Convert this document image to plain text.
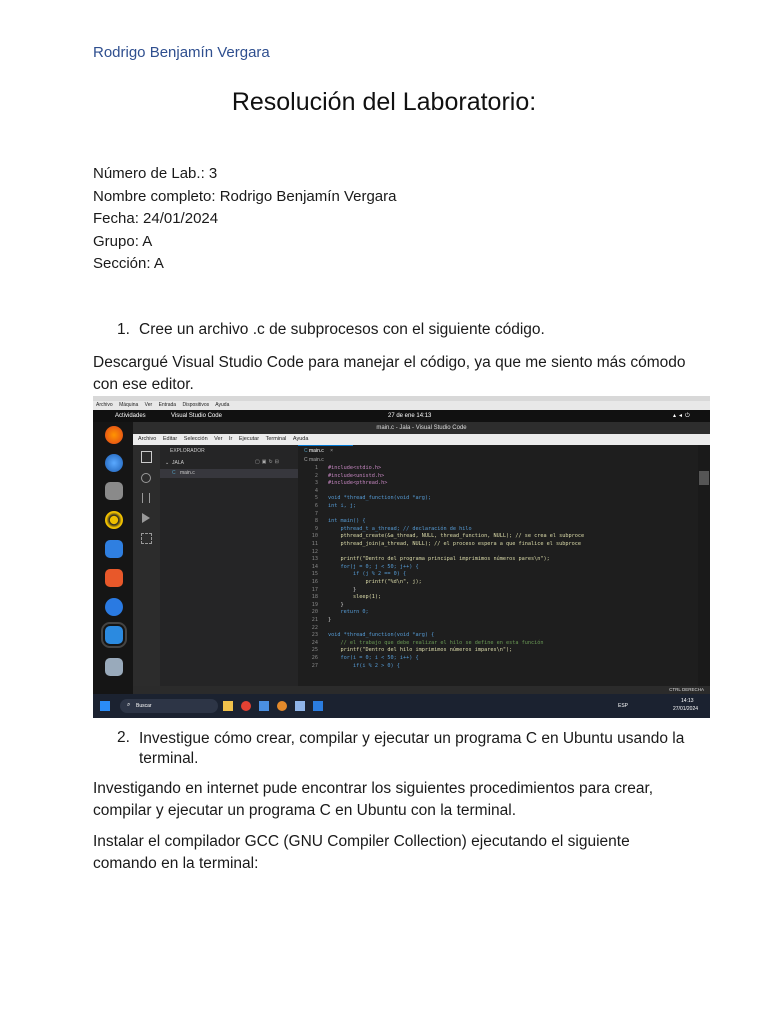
Rodrigo Benjamín Vergara
Resolución del Laboratorio:
Número de Lab.: 3
Nombre completo: Rodrigo Benjamín Vergara
Fecha: 24/01/2024
Grupo: A
Sección: A
1. Cree un archivo .c de subprocesos con el siguiente código.
Descargué Visual Studio Code para manejar el código, ya que me siento más cómodo con ese editor.
Archivo Máquina Ver Entrada Dispositivos Ayuda
Actividades	Visual Studio Code	27 de ene 14:13	▴◂⏻
main.c - Jala - Visual Studio Code
Archivo Editar Selección Ver Ir Ejecutar Terminal Ayuda
EXPLORADOR
⌄ JALA	▢▣↻⊟
C main.c
C main.c ×
C main.c
1 #include<stdio.h>
2 #include<unistd.h>
3 #include<pthread.h>
4
5 void *thread_function(void *arg);
6 int i, j;
7
8 int main() {
9    pthread_t a_thread; // declaración de hilo
10    pthread_create(&a_thread, NULL, thread_function, NULL); // se crea el subproce
11    pthread_join(a_thread, NULL); // el proceso espera a que finalice el subproce
12
13    printf("Dentro del programa principal imprimimos números pares\n");
14    for(j = 0; j < 50; j++) {
15        if (j % 2 == 0) {
16            printf("%d\n", j);
17        }
18        sleep(1);
19    }
20    return 0;
21 }
22
23 void *thread_function(void *arg) {
24    // el trabajo que debe realizar el hilo se define en esta función
25    printf("Dentro del hilo imprimimos números impares\n");
26    for(i = 0; i < 50; i++) {
27        if(i % 2 > 0) {
CTRL DERECHA
⌕ Buscar	ESP
14:13
27/01/2024
2. Investigue cómo crear, compilar y ejecutar un programa C en Ubuntu usando la terminal.
Investigando en internet pude encontrar los siguientes procedimientos para crear, compilar y ejecutar un programa C en Ubuntu con la terminal.
Instalar el compilador GCC (GNU Compiler Collection) ejecutando el siguiente comando en la terminal:
